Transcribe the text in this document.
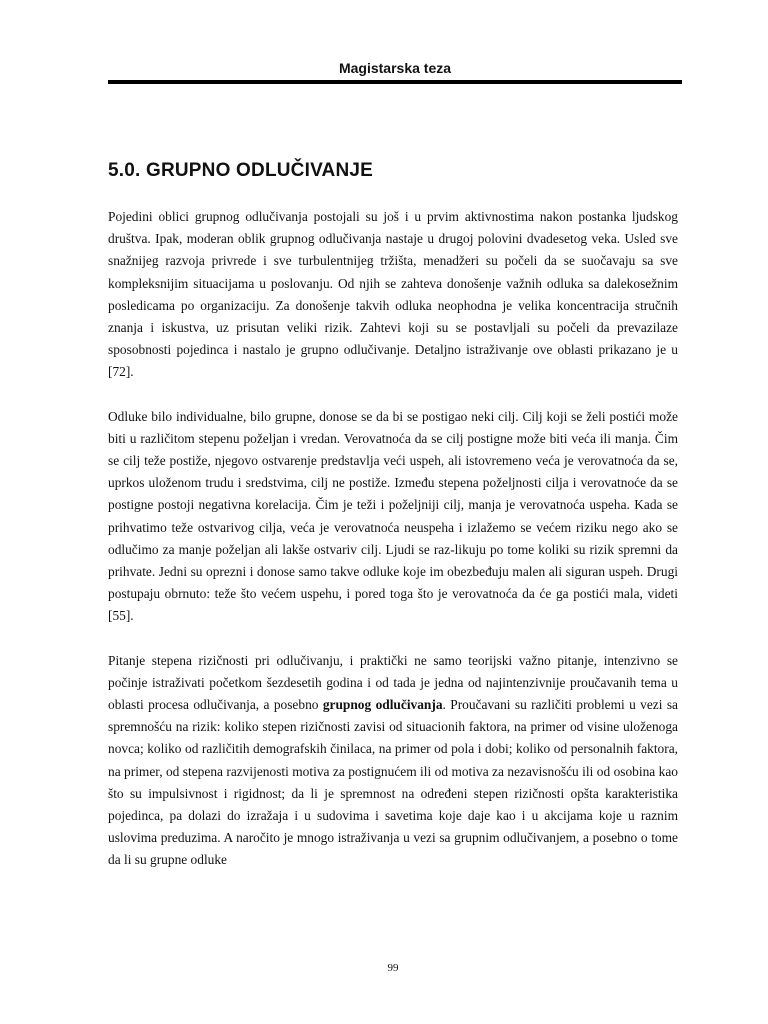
Magistarska teza
5.0. GRUPNO ODLUČIVANJE

Pojedini oblici grupnog odlučivanja postojali su još i u prvim aktivnostima nakon postanka ljudskog društva. Ipak, moderan oblik grupnog odlučivanja nastaje u drugoj polovini dvadesetog veka. Usled sve snažnijeg razvoja privrede i sve turbulentnijeg tržišta, menadžeri su počeli da se suočavaju sa sve kompleksnijim situacijama u poslovanju. Od njih se zahteva donošenje važnih odluka sa dalekosežnim posledicama po organizaciju. Za donošenje takvih odluka neophodna je velika koncentracija stručnih znanja i iskustva, uz prisutan veliki rizik. Zahtevi koji su se postavljali su počeli da prevazilaze sposobnosti pojedinca i nastalo je grupno odlučivanje. Detaljno istraživanje ove oblasti prikazano je u [72].

Odluke bilo individualne, bilo grupne, donose se da bi se postigao neki cilj. Cilj koji se želi postići može biti u različitom stepenu poželjan i vredan. Verovatnoća da se cilj postigne može biti veća ili manja. Čim se cilj teže postiže, njegovo ostvarenje predstavlja veći uspeh, ali istovremeno veća je verovatnoća da se, uprkos uloženom trudu i sredstvima, cilj ne postiže. Između stepena poželjnosti cilja i verovatnoće da se postigne postoji negativna korelacija. Čim je teži i poželjniji cilj, manja je verovatnoća uspeha. Kada se prihvatimo teže ostvarivog cilja, veća je verovatnoća neuspeha i izlažemo se većem riziku nego ako se odlučimo za manje poželjan ali lakše ostvariv cilj. Ljudi se raz-likuju po tome koliki su rizik spremni da prihvate. Jedni su oprezni i donose samo takve odluke koje im obezbeđuju malen ali siguran uspeh. Drugi postupaju obrnuto: teže što većem uspehu, i pored toga što je verovatnoća da će ga postići mala, videti [55].

Pitanje stepena rizičnosti pri odlučivanju, i praktički ne samo teorijski važno pitanje, intenzivno se počinje istraživati početkom šezdesetih godina i od tada je jedna od najintenzivnije proučavanih tema u oblasti procesa odlučivanja, a posebno grupnog odlučivanja. Proučavani su različiti problemi u vezi sa spremnošću na rizik: koliko stepen rizičnosti zavisi od situacionih faktora, na primer od visine uloženoga novca; koliko od različitih demografskih činilaca, na primer od pola i dobi; koliko od personalnih faktora, na primer, od stepena razvijenosti motiva za postignućem ili od motiva za nezavisnošću ili od osobina kao što su impulsivnost i rigidnost; da li je spremnost na određeni stepen rizičnosti opšta karakteristika pojedinca, pa dolazi do izražaja i u sudovima i savetima koje daje kao i u akcijama koje u raznim uslovima preduzima. A naročito je mnogo istraživanja u vezi sa grupnim odlučivanjem, a posebno o tome da li su grupne odluke

99
